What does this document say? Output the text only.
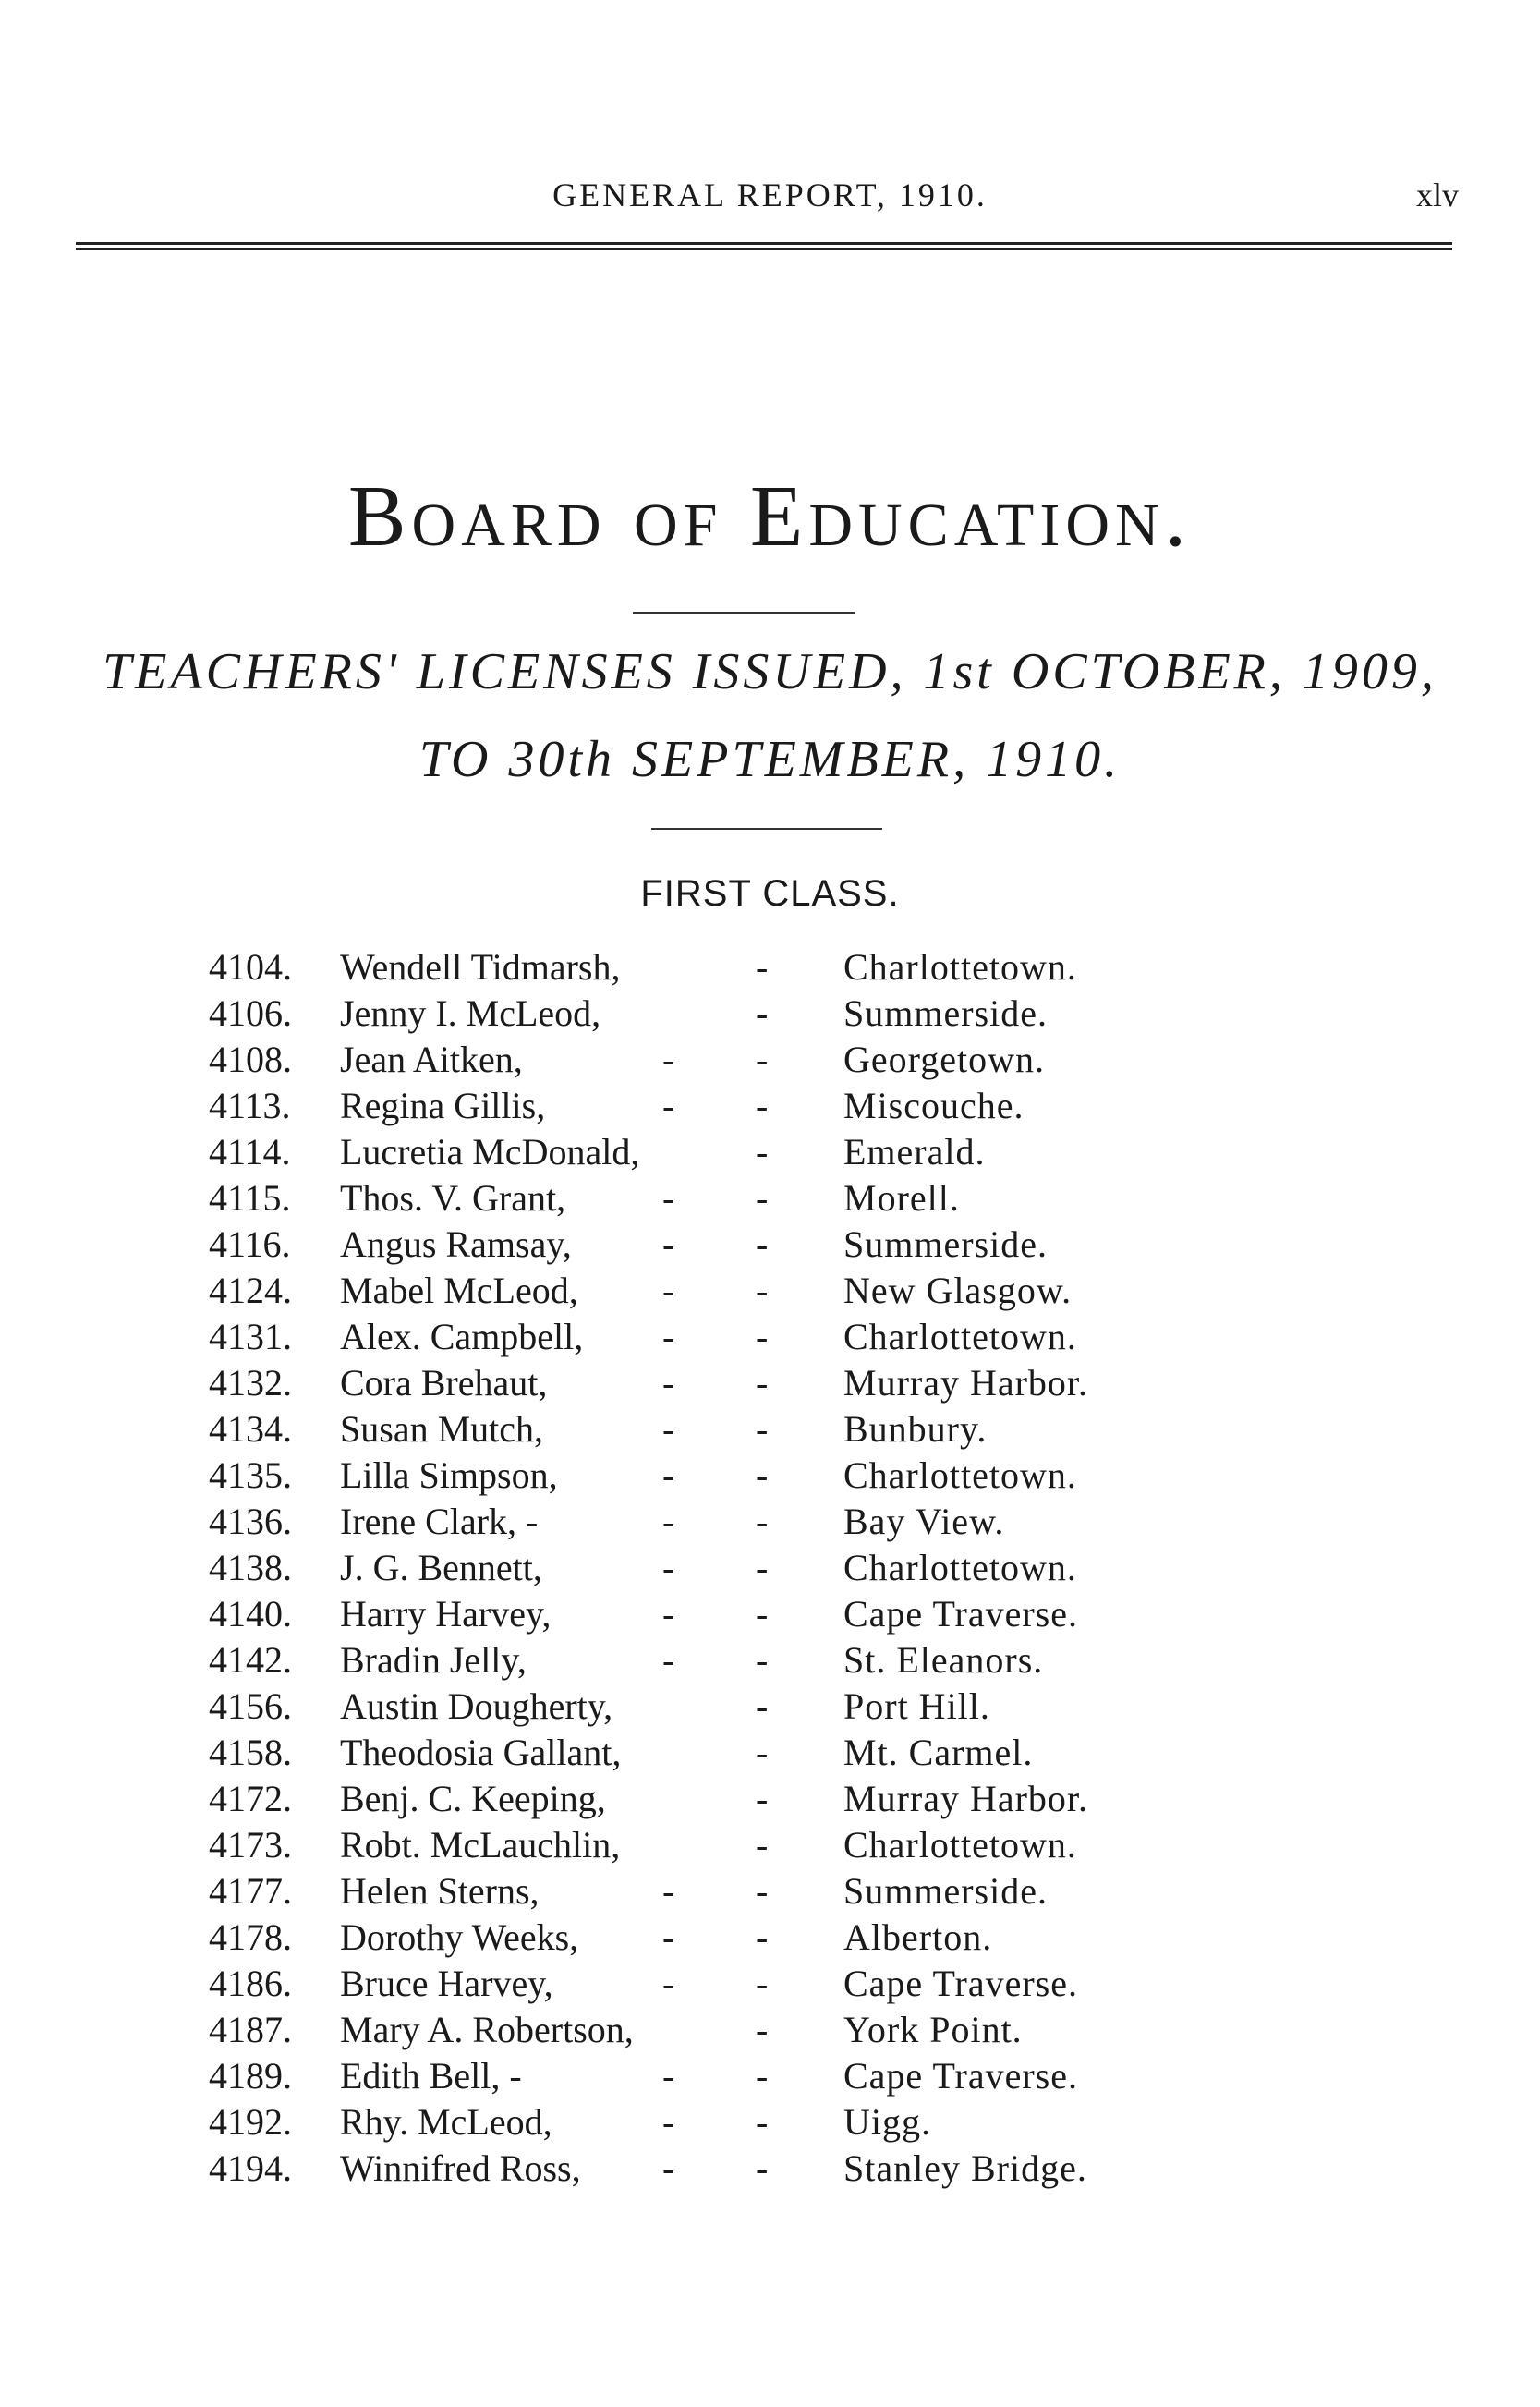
GENERAL REPORT, 1910.	xlv
Board of Education.
TEACHERS' LICENSES ISSUED, 1st OCTOBER, 1909,
TO 30th SEPTEMBER, 1910.
FIRST CLASS.
4104. Wendell Tidmarsh,	- Charlottetown.
4106. Jenny I. McLeod,	- Summerside.
4108. Jean Aitken,	- - Georgetown.
4113. Regina Gillis,	- - Miscouche.
4114. Lucretia McDonald,	- Emerald.
4115. Thos. V. Grant,	- - Morell.
4116. Angus Ramsay, - - Summerside.
4124. Mabel McLeod, - - New Glasgow.
4131. Alex. Campbell, - - Charlottetown.
4132. Cora Brehaut,	- - Murray Harbor.
4134. Susan Mutch,	- - Bunbury.
4135. Lilla Simpson,	- - Charlottetown.
4136. Irene Clark, -	- - Bay View.
4138. J. G. Bennett,	- - Charlottetown.
4140. Harry Harvey,	- - Cape Traverse.
4142. Bradin Jelly,	- - St. Eleanors.
4156. Austin Dougherty,	- Port Hill.
4158. Theodosia Gallant,	- Mt. Carmel.
4172. Benj. C. Keeping,	- Murray Harbor.
4173. Robt. McLauchlin,	- Charlottetown.
4177. Helen Sterns,	- - Summerside.
4178. Dorothy Weeks, - - Alberton.
4186. Bruce Harvey,	- - Cape Traverse.
4187. Mary A. Robertson,	- York Point.
4189. Edith Bell, -	- - Cape Traverse.
4192. Rhy. McLeod,	- - Uigg.
4194. Winnifred Ross, - - Stanley Bridge.
